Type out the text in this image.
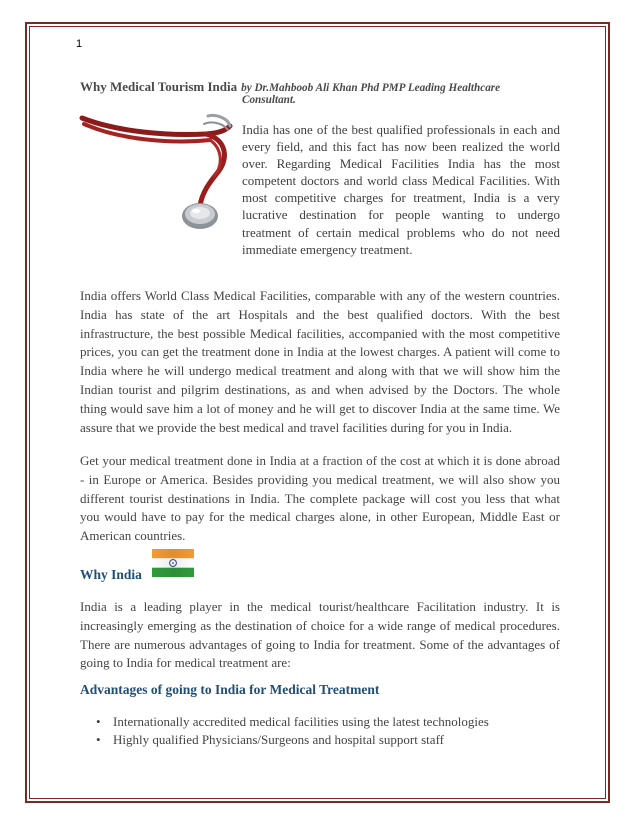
1
Why Medical Tourism India by Dr.Mahboob Ali Khan Phd PMP Leading Healthcare
Consultant.

India has one of the best qualified professionals in each and every field, and this fact has now been realized the world over. Regarding Medical Facilities India has the most competent doctors and world class Medical Facilities. With most competitive charges for treatment, India is a very lucrative destination for people wanting to undergo treatment of certain medical problems who do not need immediate emergency treatment.

India offers World Class Medical Facilities, comparable with any of the western countries. India has state of the art Hospitals and the best qualified doctors. With the best infrastructure, the best possible Medical facilities, accompanied with the most competitive prices, you can get the treatment done in India at the lowest charges. A patient will come to India where he will undergo medical treatment and along with that we will show him the Indian tourist and pilgrim destinations, as and when advised by the Doctors. The whole thing would save him a lot of money and he will get to discover India at the same time. We assure that we provide the best medical and travel facilities during for you in India.

Get your medical treatment done in India at a fraction of the cost at which it is done abroad - in Europe or America. Besides providing you medical treatment, we will also show you different tourist destinations in India. The complete package will cost you less that what you would have to pay for the medical charges alone, in other European, Middle East or American countries.

Why India

India is a leading player in the medical tourist/healthcare Facilitation industry. It is increasingly emerging as the destination of choice for a wide range of medical procedures. There are numerous advantages of going to India for treatment. Some of the advantages of going to India for medical treatment are:

Advantages of going to India for Medical Treatment
• Internationally accredited medical facilities using the latest technologies
• Highly qualified Physicians/Surgeons and hospital support staff
